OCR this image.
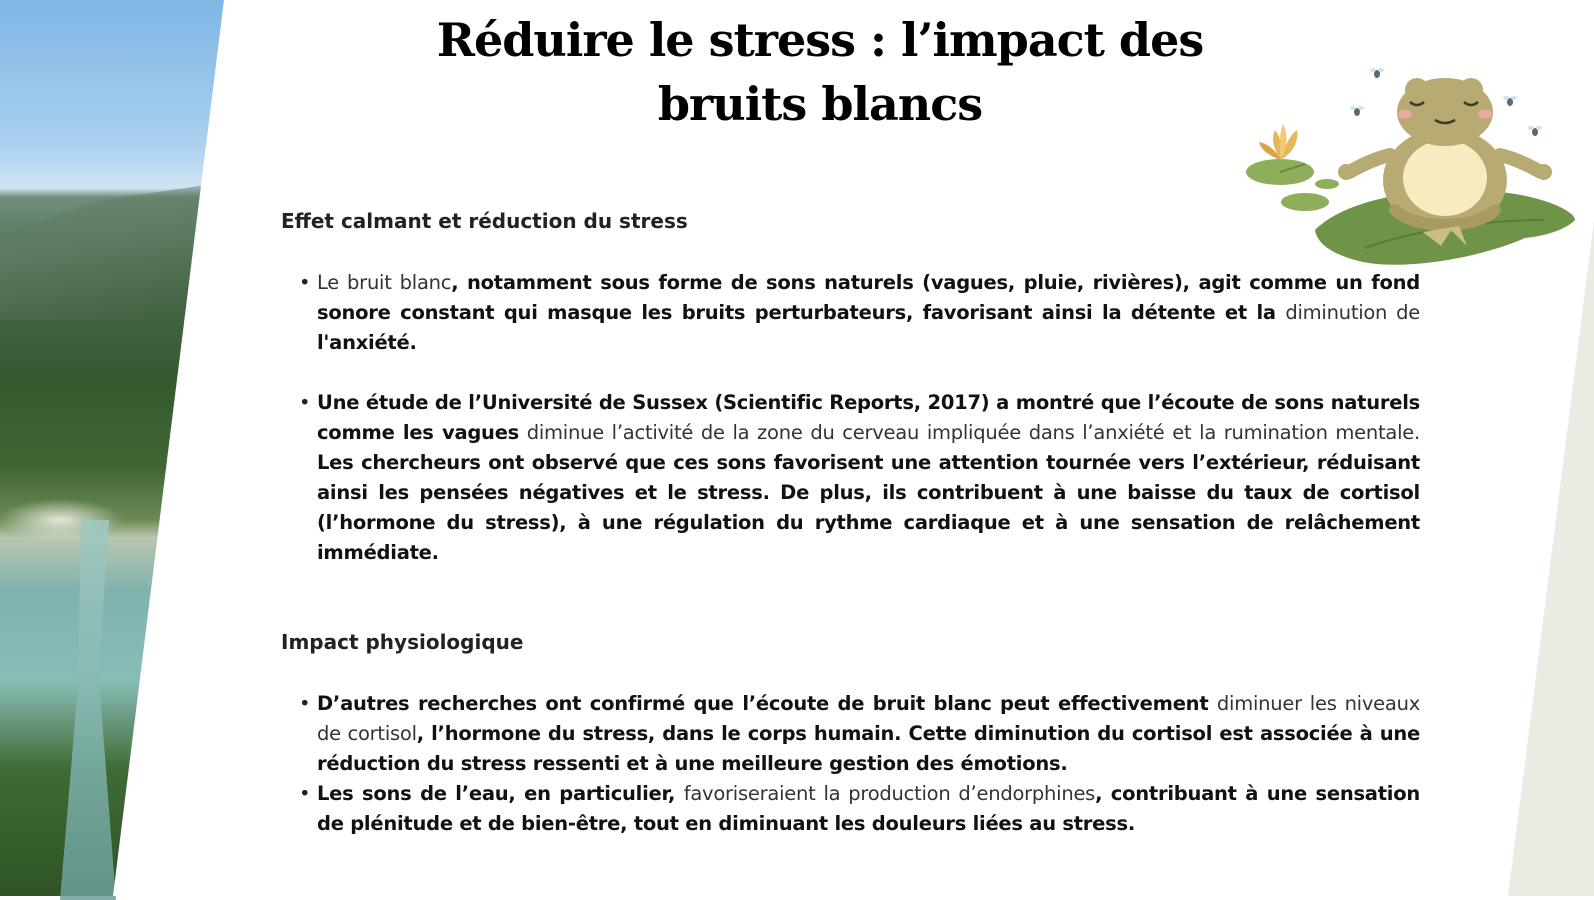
Réduire le stress : l’impact des bruits blancs
Effet calmant et réduction du stress
• Le bruit blanc, notamment sous forme de sons naturels (vagues, pluie, rivières), agit comme un fond sonore constant qui masque les bruits perturbateurs, favorisant ainsi la détente et la diminution de l'anxiété.
• Une étude de l’Université de Sussex (Scientific Reports, 2017) a montré que l’écoute de sons naturels comme les vagues diminue l’activité de la zone du cerveau impliquée dans l’anxiété et la rumination mentale. Les chercheurs ont observé que ces sons favorisent une attention tournée vers l’extérieur, réduisant ainsi les pensées négatives et le stress. De plus, ils contribuent à une baisse du taux de cortisol (l’hormone du stress), à une régulation du rythme cardiaque et à une sensation de relâchement immédiate.
Impact physiologique
• D’autres recherches ont confirmé que l’écoute de bruit blanc peut effectivement diminuer les niveaux de cortisol, l’hormone du stress, dans le corps humain. Cette diminution du cortisol est associée à une réduction du stress ressenti et à une meilleure gestion des émotions.
• Les sons de l’eau, en particulier, favoriseraient la production d’endorphines, contribuant à une sensation de plénitude et de bien-être, tout en diminuant les douleurs liées au stress.
